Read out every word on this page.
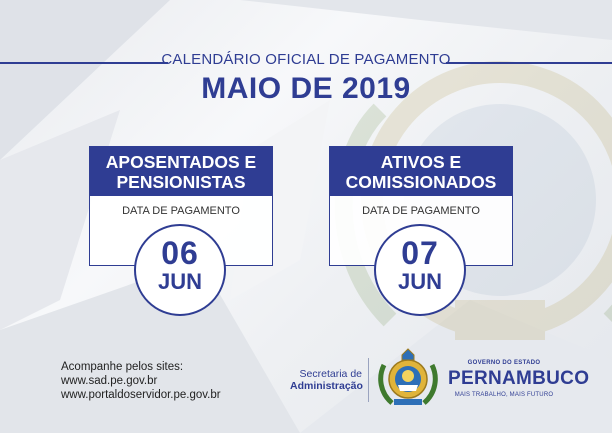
CALENDÁRIO OFICIAL DE PAGAMENTO
MAIO DE 2019
APOSENTADOS E
PENSIONISTAS
DATA DE PAGAMENTO
06
JUN
ATIVOS E
COMISSIONADOS
DATA DE PAGAMENTO
07
JUN
Acompanhe pelos sites:
www.sad.pe.gov.br
www.portaldoservidor.pe.gov.br
Secretaria de
Administração
GOVERNO DO ESTADO
PERNAMBUCO
MAIS TRABALHO, MAIS FUTURO
